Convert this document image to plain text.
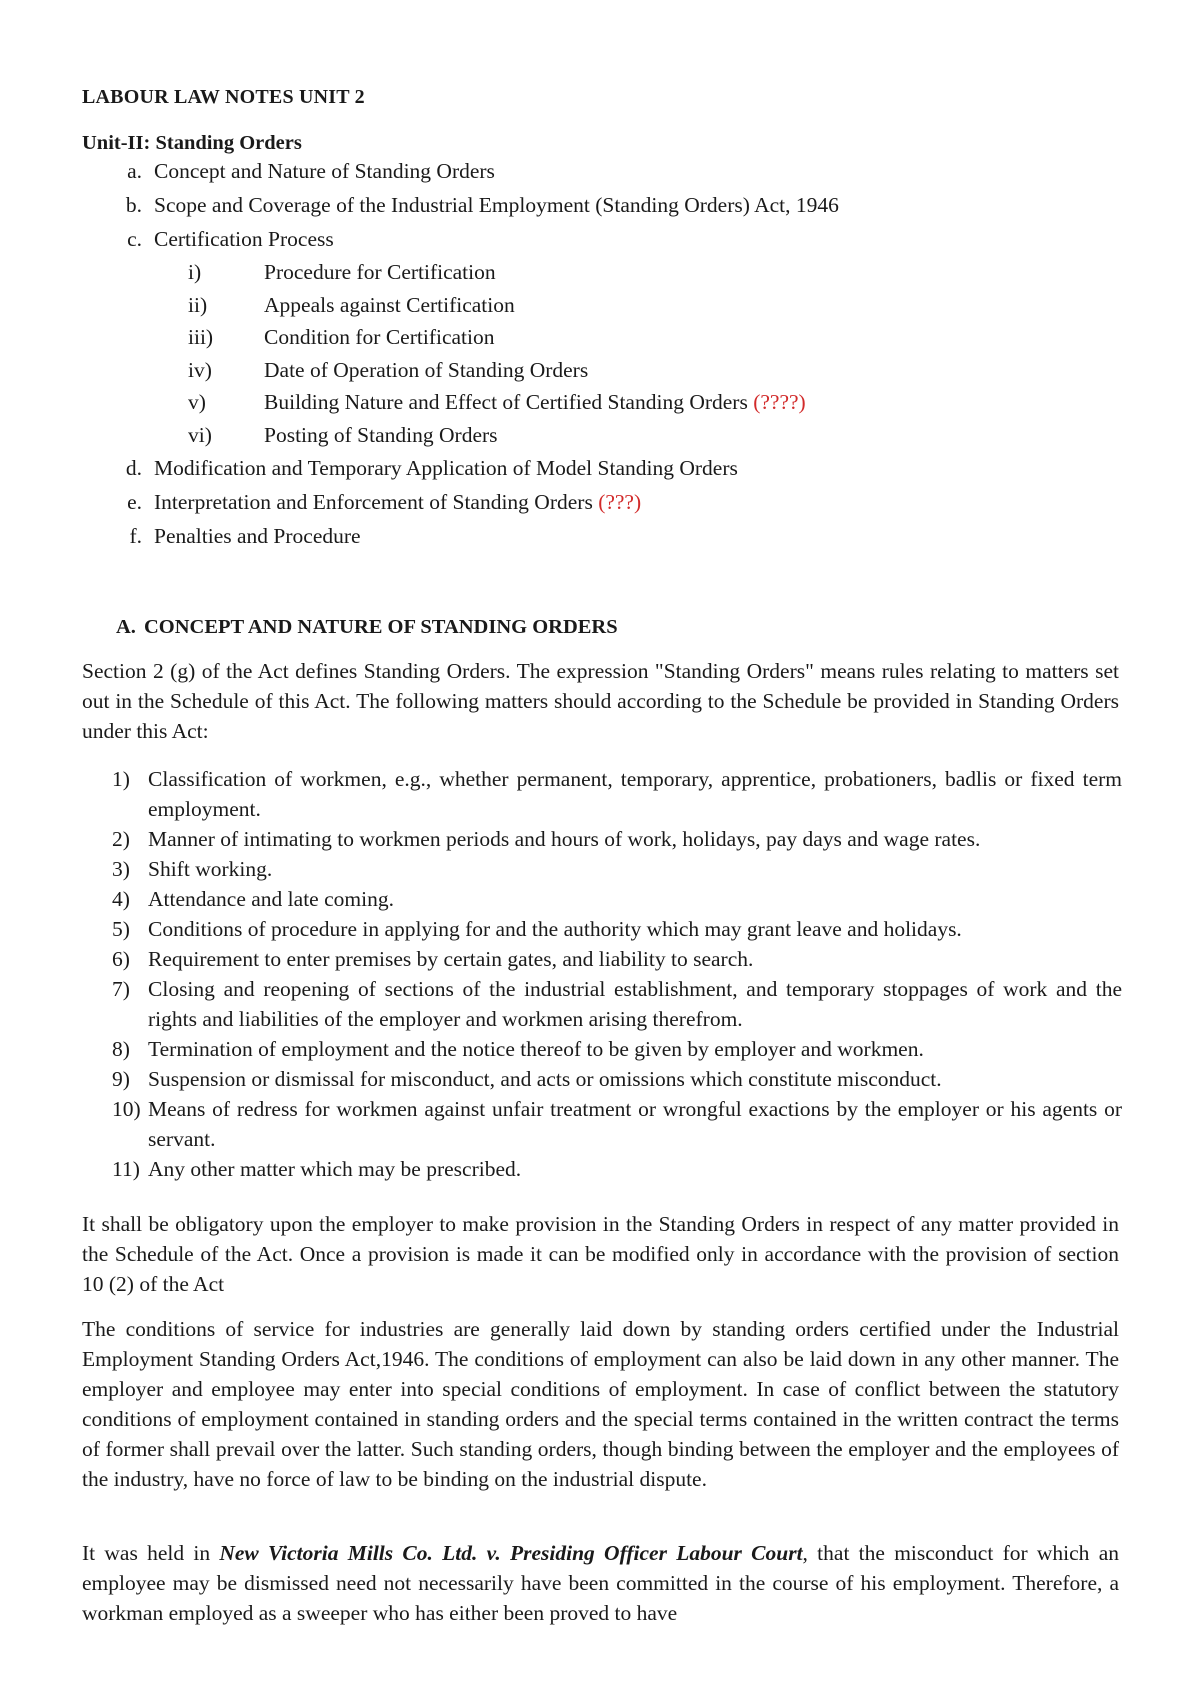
LABOUR LAW NOTES UNIT 2
Unit-II: Standing Orders
a. Concept and Nature of Standing Orders
b. Scope and Coverage of the Industrial Employment (Standing Orders) Act, 1946
c. Certification Process
i)	Procedure for Certification
ii)	Appeals against Certification
iii)	Condition for Certification
iv)	Date of Operation of Standing Orders
v)	Building Nature and Effect of Certified Standing Orders (????)
vi)	Posting of Standing Orders
d. Modification and Temporary Application of Model Standing Orders
e. Interpretation and Enforcement of Standing Orders (???)
f. Penalties and Procedure
A. CONCEPT AND NATURE OF STANDING ORDERS
Section 2 (g) of the Act defines Standing Orders. The expression "Standing Orders" means rules relating to matters set out in the Schedule of this Act. The following matters should according to the Schedule be provided in Standing Orders under this Act:
1) Classification of workmen, e.g., whether permanent, temporary, apprentice, probationers, badlis or fixed term employment.
2) Manner of intimating to workmen periods and hours of work, holidays, pay days and wage rates.
3) Shift working.
4) Attendance and late coming.
5) Conditions of procedure in applying for and the authority which may grant leave and holidays.
6) Requirement to enter premises by certain gates, and liability to search.
7) Closing and reopening of sections of the industrial establishment, and temporary stoppages of work and the rights and liabilities of the employer and workmen arising therefrom.
8) Termination of employment and the notice thereof to be given by employer and workmen.
9) Suspension or dismissal for misconduct, and acts or omissions which constitute misconduct.
10) Means of redress for workmen against unfair treatment or wrongful exactions by the employer or his agents or servant.
11) Any other matter which may be prescribed.
It shall be obligatory upon the employer to make provision in the Standing Orders in respect of any matter provided in the Schedule of the Act. Once a provision is made it can be modified only in accordance with the provision of section 10 (2) of the Act
The conditions of service for industries are generally laid down by standing orders certified under the Industrial Employment Standing Orders Act,1946. The conditions of employment can also be laid down in any other manner. The employer and employee may enter into special conditions of employment. In case of conflict between the statutory conditions of employment contained in standing orders and the special terms contained in the written contract the terms of former shall prevail over the latter. Such standing orders, though binding between the employer and the employees of the industry, have no force of law to be binding on the industrial dispute.
It was held in New Victoria Mills Co. Ltd. v. Presiding Officer Labour Court, that the misconduct for which an employee may be dismissed need not necessarily have been committed in the course of his employment. Therefore, a workman employed as a sweeper who has either been proved to have
